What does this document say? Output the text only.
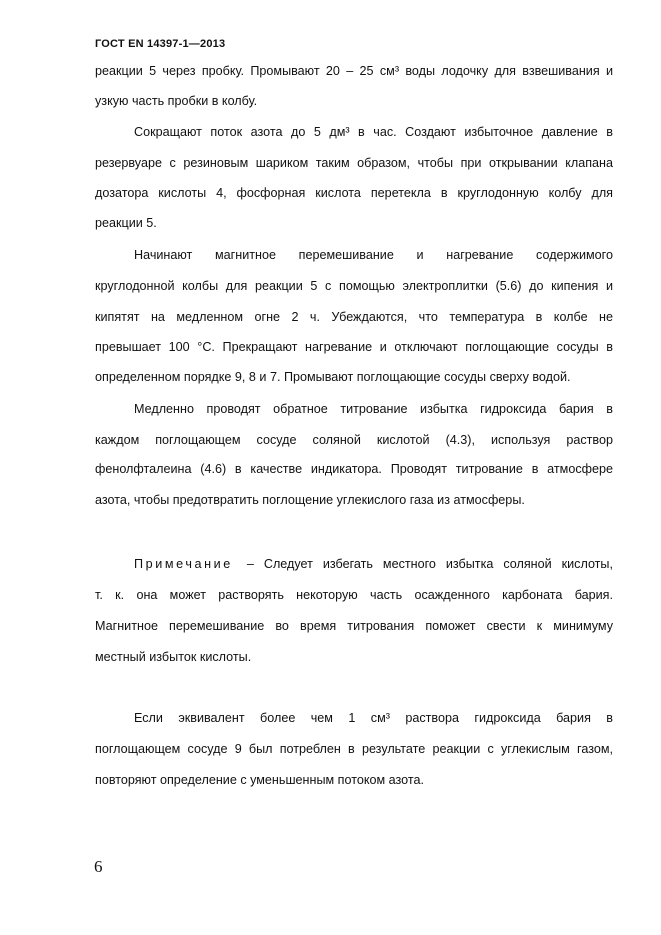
ГОСТ EN 14397-1—2013
реакции 5 через пробку. Промывают 20 – 25 см³ воды лодочку для взвешивания и
узкую часть пробки в колбу.
Сокращают поток азота до 5 дм³ в час. Создают избыточное давление в
резервуаре с резиновым шариком таким образом, чтобы при открывании клапана
дозатора кислоты 4, фосфорная кислота перетекла в круглодонную колбу для
реакции 5.
Начинают магнитное перемешивание и нагревание содержимого
круглодонной колбы для реакции 5 с помощью электроплитки (5.6) до кипения и
кипятят на медленном огне 2 ч. Убеждаются, что температура в колбе не
превышает 100 °С. Прекращают нагревание и отключают поглощающие сосуды в
определенном порядке 9, 8 и 7. Промывают поглощающие сосуды сверху водой.
Медленно проводят обратное титрование избытка гидроксида бария в
каждом поглощающем сосуде соляной кислотой (4.3), используя раствор
фенолфталеина (4.6) в качестве индикатора. Проводят титрование в атмосфере
азота, чтобы предотвратить поглощение углекислого газа из атмосферы.
Примечание	– Следует избегать местного избытка соляной кислоты,
т. к. она может растворять некоторую часть осажденного карбоната бария.
Магнитное перемешивание во время титрования поможет свести к минимуму
местный избыток кислоты.
Если эквивалент более чем 1 см³ раствора гидроксида бария в
поглощающем сосуде 9 был потреблен в результате реакции с углекислым газом,
повторяют определение с уменьшенным потоком азота.
6
